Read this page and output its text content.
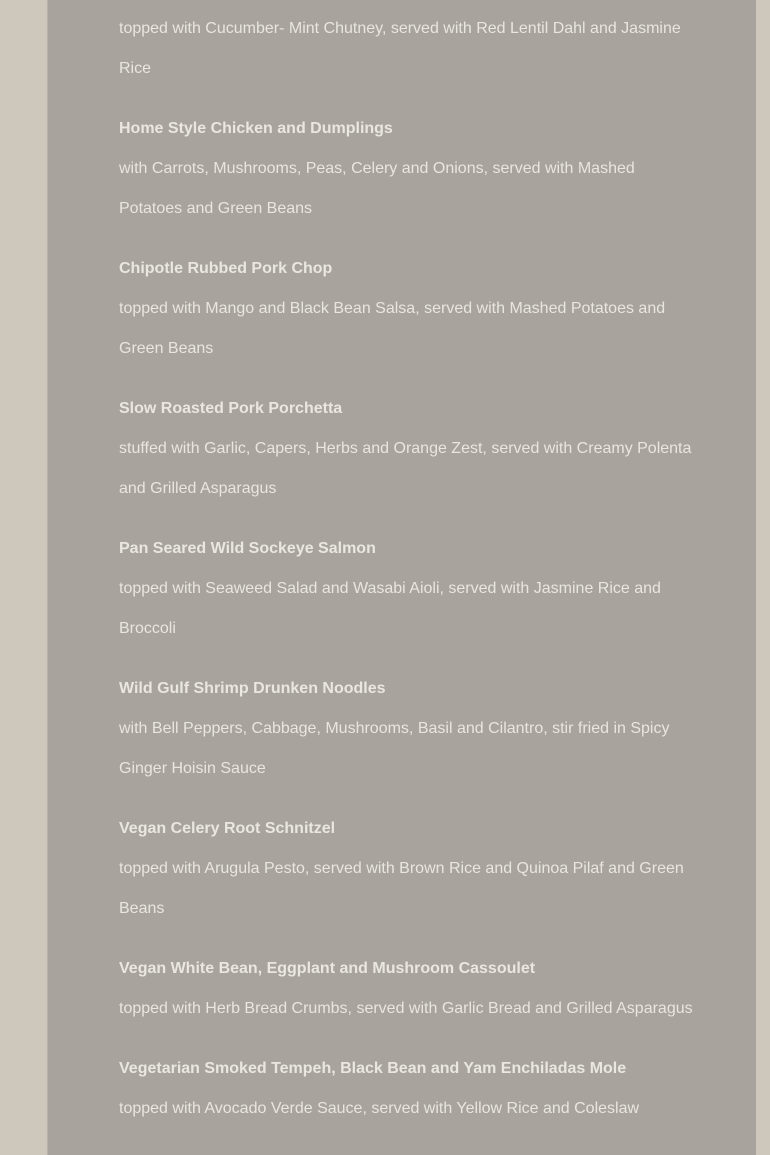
topped with Cucumber- Mint Chutney, served with Red Lentil Dahl and Jasmine Rice
Home Style Chicken and Dumplings
with Carrots, Mushrooms, Peas, Celery and Onions, served with Mashed Potatoes and Green Beans
Chipotle Rubbed Pork Chop
topped with Mango and Black Bean Salsa, served with Mashed Potatoes and Green Beans
Slow Roasted Pork Porchetta
stuffed with Garlic, Capers, Herbs and Orange Zest, served with Creamy Polenta and Grilled Asparagus
Pan Seared Wild Sockeye Salmon
topped with Seaweed Salad and Wasabi Aioli, served with Jasmine Rice and Broccoli
Wild Gulf Shrimp Drunken Noodles
with Bell Peppers, Cabbage, Mushrooms, Basil and Cilantro, stir fried in Spicy Ginger Hoisin Sauce
Vegan Celery Root Schnitzel
topped with Arugula Pesto, served with Brown Rice and Quinoa Pilaf and Green Beans
Vegan White Bean, Eggplant and Mushroom Cassoulet
topped with Herb Bread Crumbs, served with Garlic Bread and Grilled Asparagus
Vegetarian Smoked Tempeh, Black Bean and Yam Enchiladas Mole
topped with Avocado Verde Sauce, served with Yellow Rice and Coleslaw
